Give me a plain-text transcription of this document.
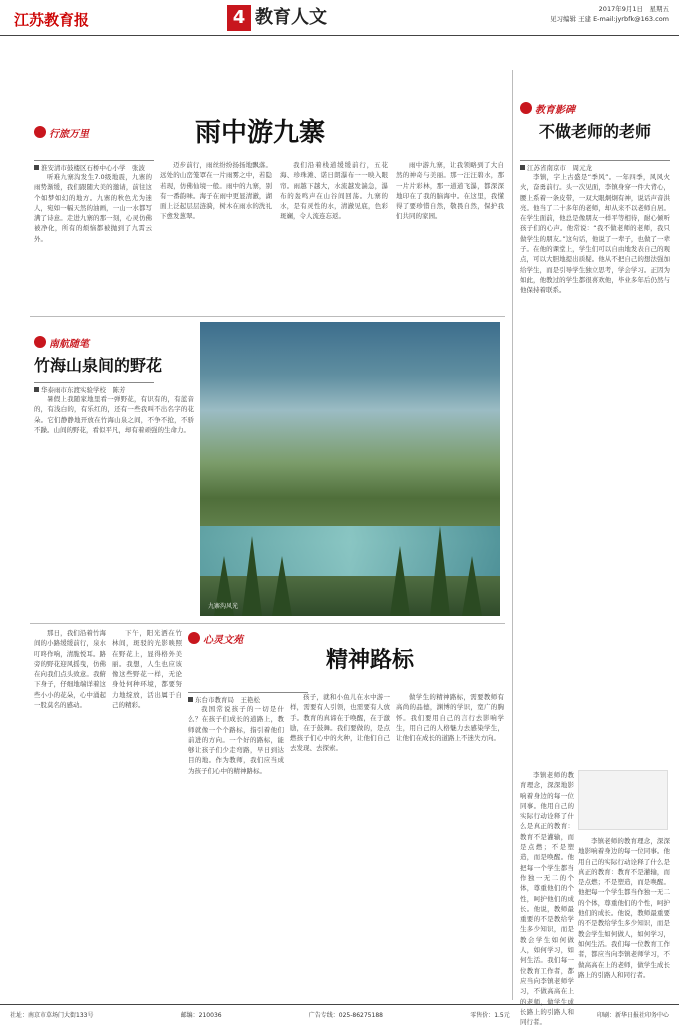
江苏教育报	4 教育人文	2017年9月1日　星期五
见习编辑 王建 E-mail:jyrbfk@163.com
行旅万里	雨中游九寨
淮安清市鼓楼区石桥中心小学　张波
听难九寨沟发生7.0级地震，九寨的雨势渐缓，我们跟随大美的邀请，前往这个如梦如幻的地方。九寨的秋色尤为迷人，宛如一幅天然的油画，一山一水都写满了诗意。走进九寨的那一刻，心灵仿佛被净化，所有的烦恼都被抛到了九霄云外。
迈步前行，雨丝纷纷扬扬地飘落。远处的山峦笼罩在一片雨雾之中，若隐若现，仿佛仙境一般。雨中的九寨，别有一番韵味。海子在雨中更显清澈，湖面上泛起层层涟漪，树木在雨水的洗礼下愈发葱翠。
我们沿着栈道缓缓前行，五花海、珍珠滩、诺日朗瀑布一一映入眼帘。雨越下越大，水流越发湍急，瀑布的轰鸣声在山谷间回荡。九寨的水，是有灵性的水，清澈见底，色彩斑斓，令人流连忘返。
雨中游九寨，让我领略到了大自然的神奇与美丽。那一汪汪碧水，那一片片彩林，那一道道飞瀑，都深深地印在了我的脑海中。在这里，我懂得了要珍惜自然，敬畏自然，保护我们共同的家园。
南航随笔
竹海山泉间的野花
华泰雨市东渡实验学校　陈芳
暑假上我随家地里看一弹野花，有识有的，有蓝音的，有浅白的，有乐红的，还有一些我叫不出名字的花朵。它们静静地开放在竹海山泉之间，不争不抢，不骄不躁。山间的野花，看似平凡，却有着顽强的生命力。
九寨沟风光
心灵文苑
精神路标
那日，我们沿着竹海间的小路缓缓前行，泉水叮咚作响，清脆悦耳。路旁的野花迎风摇曳，仿佛在向我们点头致意。我俯下身子，仔细地端详着这些小小的花朵，心中涌起一股莫名的感动。
下午，阳光洒在竹林间，斑驳的光影映照在野花上，显得格外美丽。我想，人生也应该像这些野花一样，无论身处何种环境，都要努力地绽放，活出属于自己的精彩。
东台市教育局　王艳松
我国常说孩子的一切是什么？在孩子们成长的道路上，教师就像一个个路标，指引着他们前进的方向。一个好的路标，能够让孩子们少走弯路，早日到达目的地。作为教师，我们应当成为孩子们心中的精神路标。
孩子，就和小鱼儿在水中游一样，需要有人引领，也需要有人放手。教育的真谛在于唤醒，在于激励，在于鼓舞。我们要做的，是点燃孩子们心中的火种，让他们自己去发现、去探索。
做学生的精神路标，需要教师有高尚的品德，渊博的学识，宽广的胸怀。我们要用自己的言行去影响学生，用自己的人格魅力去感染学生，让他们在成长的道路上不迷失方向。
教育影碑
不做老师的老师
江苏省南京市　周元龙
李镇，字上古盛是“季风”。一年四季，风风火火，奋勇前行。头一次见面，李镇身穿一件大背心，腰上系着一条皮带，一双大眼炯炯有神，说话声音洪亮。他当了二十多年的老师，却从来不以老师自居。在学生面前，他总是像朋友一样平等相待，耐心倾听孩子们的心声。他常说：“我不做老师的老师，我只做学生的朋友。”这句话，他说了一辈子，也做了一辈子。在他的课堂上，学生们可以自由地发表自己的观点，可以大胆地提出质疑。他从不把自己的想法强加给学生，而是引导学生独立思考，学会学习。正因为如此，他教过的学生都很喜欢他，毕业多年后仍然与他保持着联系。
李镇老师的教育理念，深深地影响着身边的每一位同事。他用自己的实际行动诠释了什么是真正的教育：教育不是灌输，而是点燃；不是塑造，而是唤醒。他把每一个学生都当作独一无二的个体，尊重他们的个性，呵护他们的成长。他说，教师最重要的不是教给学生多少知识，而是教会学生如何做人，如何学习，如何生活。我们每一位教育工作者，都应当向李镇老师学习，不做高高在上的老师，做学生成长路上的引路人和同行者。
李镇老师的教育理念，深深地影响着身边的每一位同事。他用自己的实际行动诠释了什么是真正的教育：教育不是灌输，而是点燃；不是塑造，而是唤醒。他把每一个学生都当作独一无二的个体，尊重他们的个性，呵护他们的成长。他说，教师最重要的不是教给学生多少知识，而是教会学生如何做人，如何学习，如何生活。我们每一位教育工作者，都应当向李镇老师学习，不做高高在上的老师，做学生成长路上的引路人和同行者。
社址：南京市草场门大街133号	邮编：210036	广告专线：025-86275188	零售价：1.5元	印刷：新华日报社印务中心
